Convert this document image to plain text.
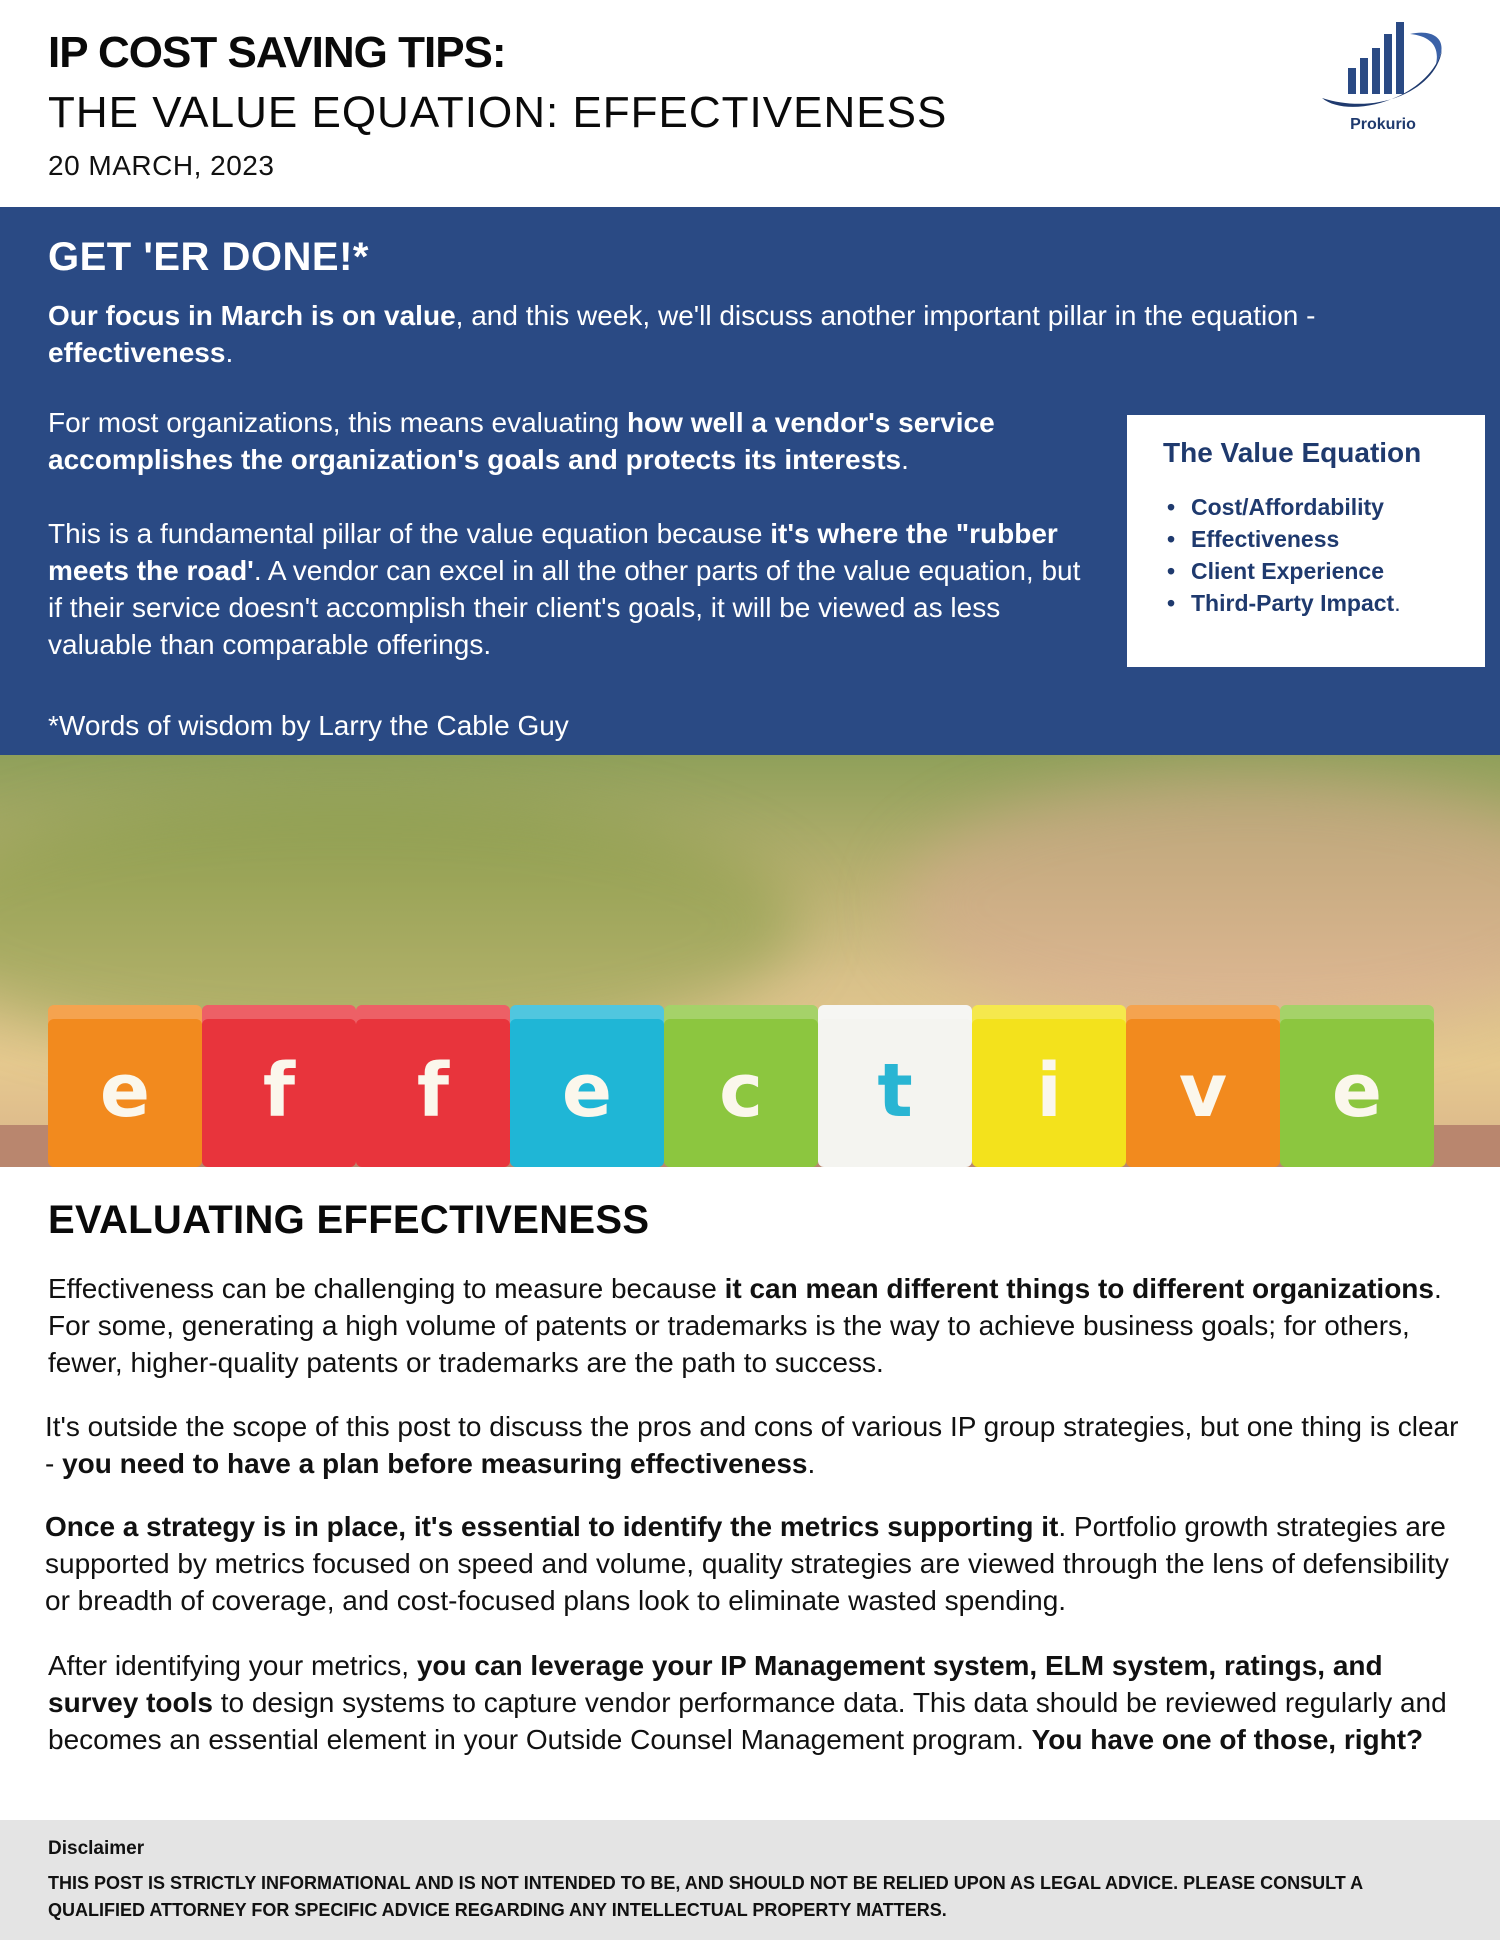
IP COST SAVING TIPS:
THE VALUE EQUATION: EFFECTIVENESS
20 MARCH, 2023
Prokurio
GET 'ER DONE!*

Our focus in March is on value, and this week, we'll discuss another important pillar in the equation - effectiveness.

For most organizations, this means evaluating how well a vendor's service accomplishes the organization's goals and protects its interests.

This is a fundamental pillar of the value equation because it's where the "rubber meets the road'. A vendor can excel in all the other parts of the value equation, but if their service doesn't accomplish their client's goals, it will be viewed as less valuable than comparable offerings.

*Words of wisdom by Larry the Cable Guy

The Value Equation
• Cost/Affordability
• Effectiveness
• Client Experience
• Third-Party Impact.
e f f e c t i v e
EVALUATING EFFECTIVENESS
Effectiveness can be challenging to measure because it can mean different things to different organizations. For some, generating a high volume of patents or trademarks is the way to achieve business goals; for others, fewer, higher-quality patents or trademarks are the path to success.
It's outside the scope of this post to discuss the pros and cons of various IP group strategies, but one thing is clear - you need to have a plan before measuring effectiveness.
Once a strategy is in place, it's essential to identify the metrics supporting it. Portfolio growth strategies are supported by metrics focused on speed and volume, quality strategies are viewed through the lens of defensibility or breadth of coverage, and cost-focused plans look to eliminate wasted spending.
After identifying your metrics, you can leverage your IP Management system, ELM system, ratings, and survey tools to design systems to capture vendor performance data. This data should be reviewed regularly and becomes an essential element in your Outside Counsel Management program. You have one of those, right?
Disclaimer
THIS POST IS STRICTLY INFORMATIONAL AND IS NOT INTENDED TO BE, AND SHOULD NOT BE RELIED UPON AS LEGAL ADVICE. PLEASE CONSULT A QUALIFIED ATTORNEY FOR SPECIFIC ADVICE REGARDING ANY INTELLECTUAL PROPERTY MATTERS.
